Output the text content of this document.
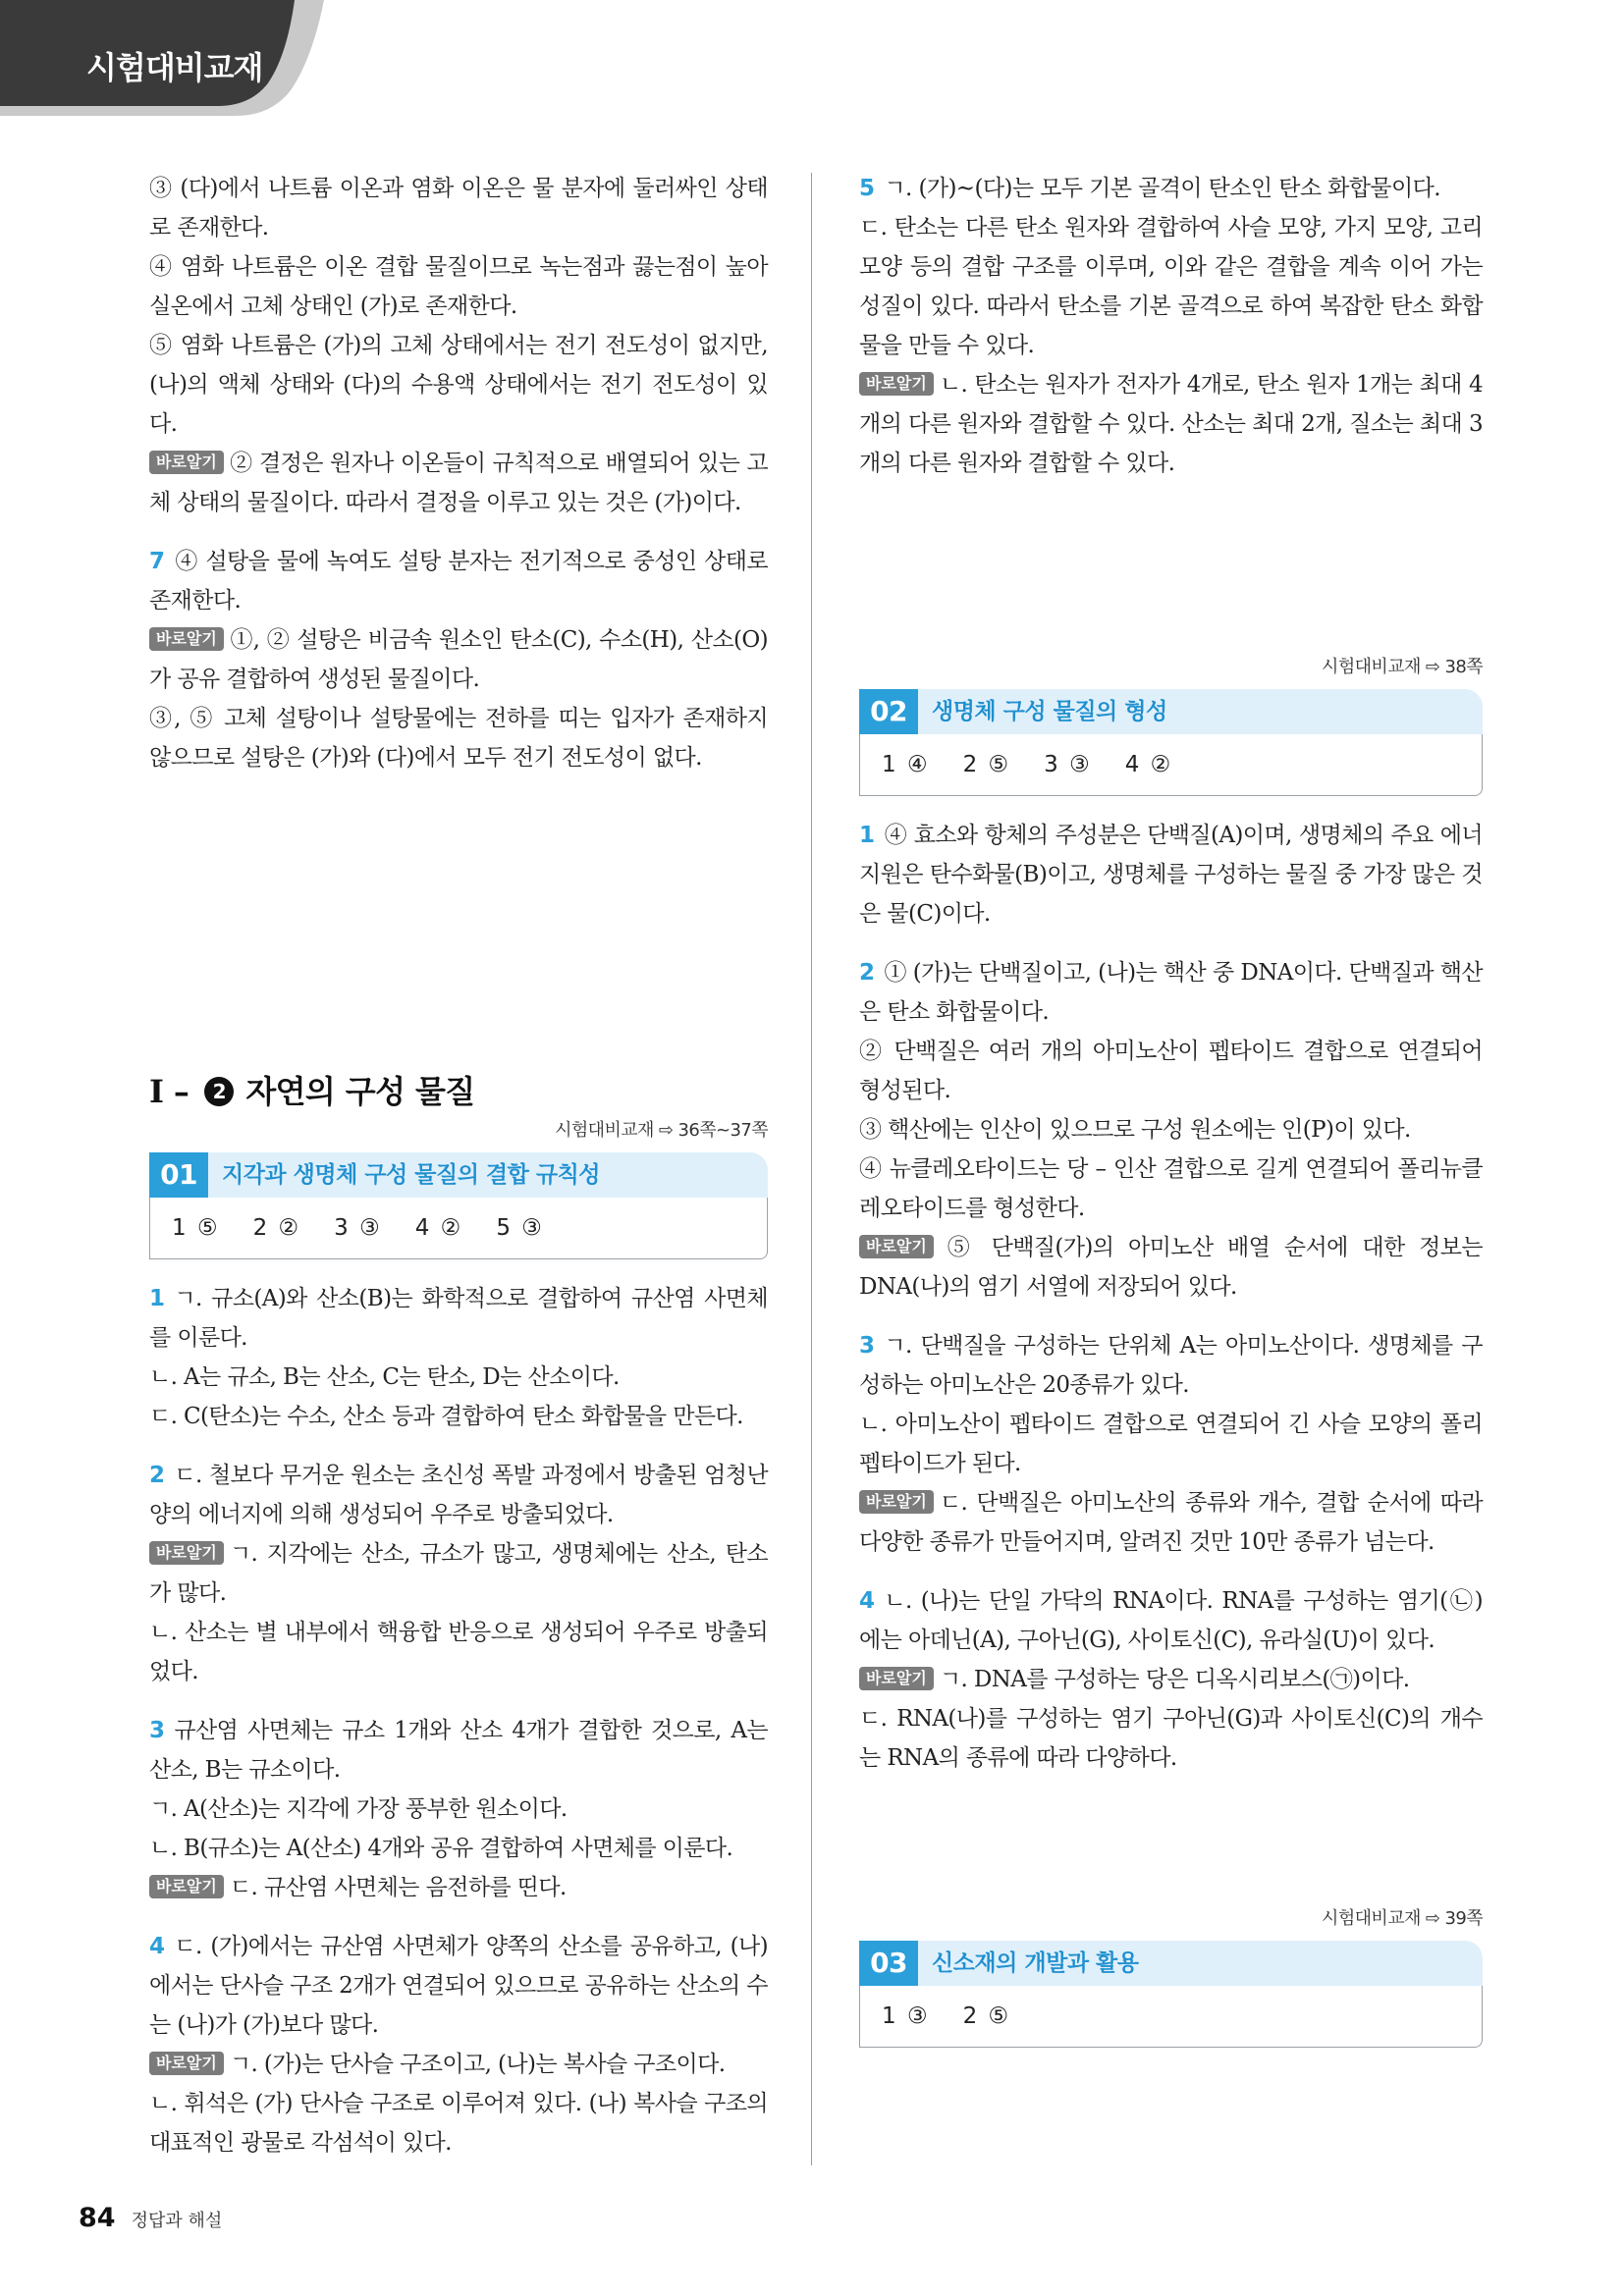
시험대비교재

③ (다)에서 나트륨 이온과 염화 이온은 물 분자에 둘러싸인 상태로 존재한다.

④ 염화 나트륨은 이온 결합 물질이므로 녹는점과 끓는점이 높아 실온에서 고체 상태인 (가)로 존재한다.

⑤ 염화 나트륨은 (가)의 고체 상태에서는 전기 전도성이 없지만, (나)의 액체 상태와 (다)의 수용액 상태에서는 전기 전도성이 있다.

바로알기 ② 결정은 원자나 이온들이 규칙적으로 배열되어 있는 고체 상태의 물질이다. 따라서 결정을 이루고 있는 것은 (가)이다.

7 ④ 설탕을 물에 녹여도 설탕 분자는 전기적으로 중성인 상태로 존재한다.

바로알기 ①, ② 설탕은 비금속 원소인 탄소(C), 수소(H), 산소(O)가 공유 결합하여 생성된 물질이다.

③, ⑤ 고체 설탕이나 설탕물에는 전하를 띠는 입자가 존재하지 않으므로 설탕은 (가)와 (다)에서 모두 전기 전도성이 없다.

I –	2 자연의 구성 물질
시험대비교재 ⇨ 36쪽~37쪽
01	지각과 생명체 구성 물질의 결합 규칙성
1 ⑤ 2 ② 3 ③ 4 ② 5 ③

1 ㄱ. 규소(A)와 산소(B)는 화학적으로 결합하여 규산염 사면체를 이룬다.

ㄴ. A는 규소, B는 산소, C는 탄소, D는 산소이다.

ㄷ. C(탄소)는 수소, 산소 등과 결합하여 탄소 화합물을 만든다.

2 ㄷ. 철보다 무거운 원소는 초신성 폭발 과정에서 방출된 엄청난 양의 에너지에 의해 생성되어 우주로 방출되었다.

바로알기 ㄱ. 지각에는 산소, 규소가 많고, 생명체에는 산소, 탄소가 많다.

ㄴ. 산소는 별 내부에서 핵융합 반응으로 생성되어 우주로 방출되었다.

3 규산염 사면체는 규소 1개와 산소 4개가 결합한 것으로, A는 산소, B는 규소이다.

ㄱ. A(산소)는 지각에 가장 풍부한 원소이다.

ㄴ. B(규소)는 A(산소) 4개와 공유 결합하여 사면체를 이룬다.

바로알기 ㄷ. 규산염 사면체는 음전하를 띤다.

4 ㄷ. (가)에서는 규산염 사면체가 양쪽의 산소를 공유하고, (나)에서는 단사슬 구조 2개가 연결되어 있으므로 공유하는 산소의 수는 (나)가 (가)보다 많다.

바로알기 ㄱ. (가)는 단사슬 구조이고, (나)는 복사슬 구조이다.

ㄴ. 휘석은 (가) 단사슬 구조로 이루어져 있다. (나) 복사슬 구조의 대표적인 광물로 각섬석이 있다.

5 ㄱ. (가)~(다)는 모두 기본 골격이 탄소인 탄소 화합물이다.

ㄷ. 탄소는 다른 탄소 원자와 결합하여 사슬 모양, 가지 모양, 고리 모양 등의 결합 구조를 이루며, 이와 같은 결합을 계속 이어 가는 성질이 있다. 따라서 탄소를 기본 골격으로 하여 복잡한 탄소 화합물을 만들 수 있다.

바로알기 ㄴ. 탄소는 원자가 전자가 4개로, 탄소 원자 1개는 최대 4개의 다른 원자와 결합할 수 있다. 산소는 최대 2개, 질소는 최대 3개의 다른 원자와 결합할 수 있다.

시험대비교재 ⇨ 38쪽
02	생명체 구성 물질의 형성
1 ④ 2 ⑤ 3 ③ 4 ②

1 ④ 효소와 항체의 주성분은 단백질(A)이며, 생명체의 주요 에너지원은 탄수화물(B)이고, 생명체를 구성하는 물질 중 가장 많은 것은 물(C)이다.

2 ① (가)는 단백질이고, (나)는 핵산 중 DNA이다. 단백질과 핵산은 탄소 화합물이다.

② 단백질은 여러 개의 아미노산이 펩타이드 결합으로 연결되어 형성된다.

③ 핵산에는 인산이 있으므로 구성 원소에는 인(P)이 있다.

④ 뉴클레오타이드는 당 – 인산 결합으로 길게 연결되어 폴리뉴클레오타이드를 형성한다.

바로알기 ⑤ 단백질(가)의 아미노산 배열 순서에 대한 정보는 DNA(나)의 염기 서열에 저장되어 있다.

3 ㄱ. 단백질을 구성하는 단위체 A는 아미노산이다. 생명체를 구성하는 아미노산은 20종류가 있다.

ㄴ. 아미노산이 펩타이드 결합으로 연결되어 긴 사슬 모양의 폴리펩타이드가 된다.

바로알기 ㄷ. 단백질은 아미노산의 종류와 개수, 결합 순서에 따라 다양한 종류가 만들어지며, 알려진 것만 10만 종류가 넘는다.

4 ㄴ. (나)는 단일 가닥의 RNA이다. RNA를 구성하는 염기(㉡)에는 아데닌(A), 구아닌(G), 사이토신(C), 유라실(U)이 있다.

바로알기 ㄱ. DNA를 구성하는 당은 디옥시리보스(㉠)이다.

ㄷ. RNA(나)를 구성하는 염기 구아닌(G)과 사이토신(C)의 개수는 RNA의 종류에 따라 다양하다.

시험대비교재 ⇨ 39쪽
03	신소재의 개발과 활용
1 ③ 2 ⑤
84 정답과 해설
